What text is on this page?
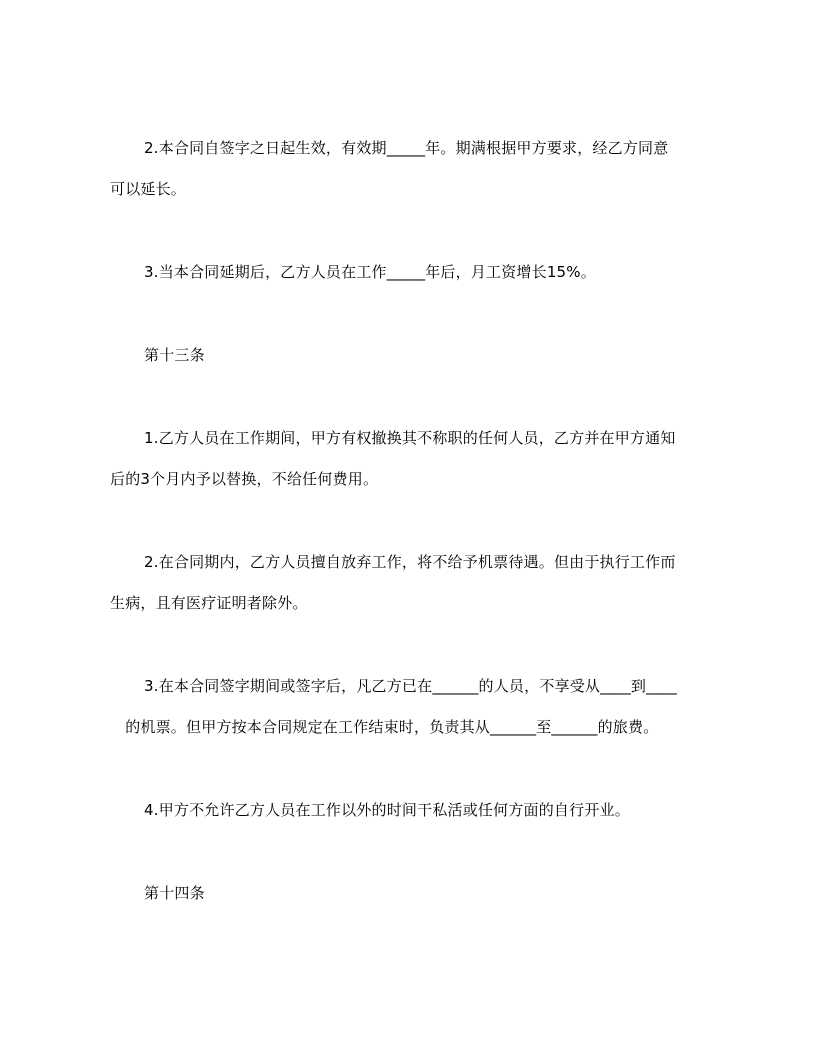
2.本合同自签字之日起生效，有效期_____年。期满根据甲方要求，经乙方同意
可以延长。
3.当本合同延期后，乙方人员在工作_____年后，月工资增长15%。
第十三条
1.乙方人员在工作期间，甲方有权撤换其不称职的任何人员，乙方并在甲方通知
后的3个月内予以替换，不给任何费用。
2.在合同期内，乙方人员擅自放弃工作，将不给予机票待遇。但由于执行工作而
生病，且有医疗证明者除外。
3.在本合同签字期间或签字后，凡乙方已在______的人员，不享受从____到____
　的机票。但甲方按本合同规定在工作结束时，负责其从______至______的旅费。
4.甲方不允许乙方人员在工作以外的时间干私活或任何方面的自行开业。
第十四条
